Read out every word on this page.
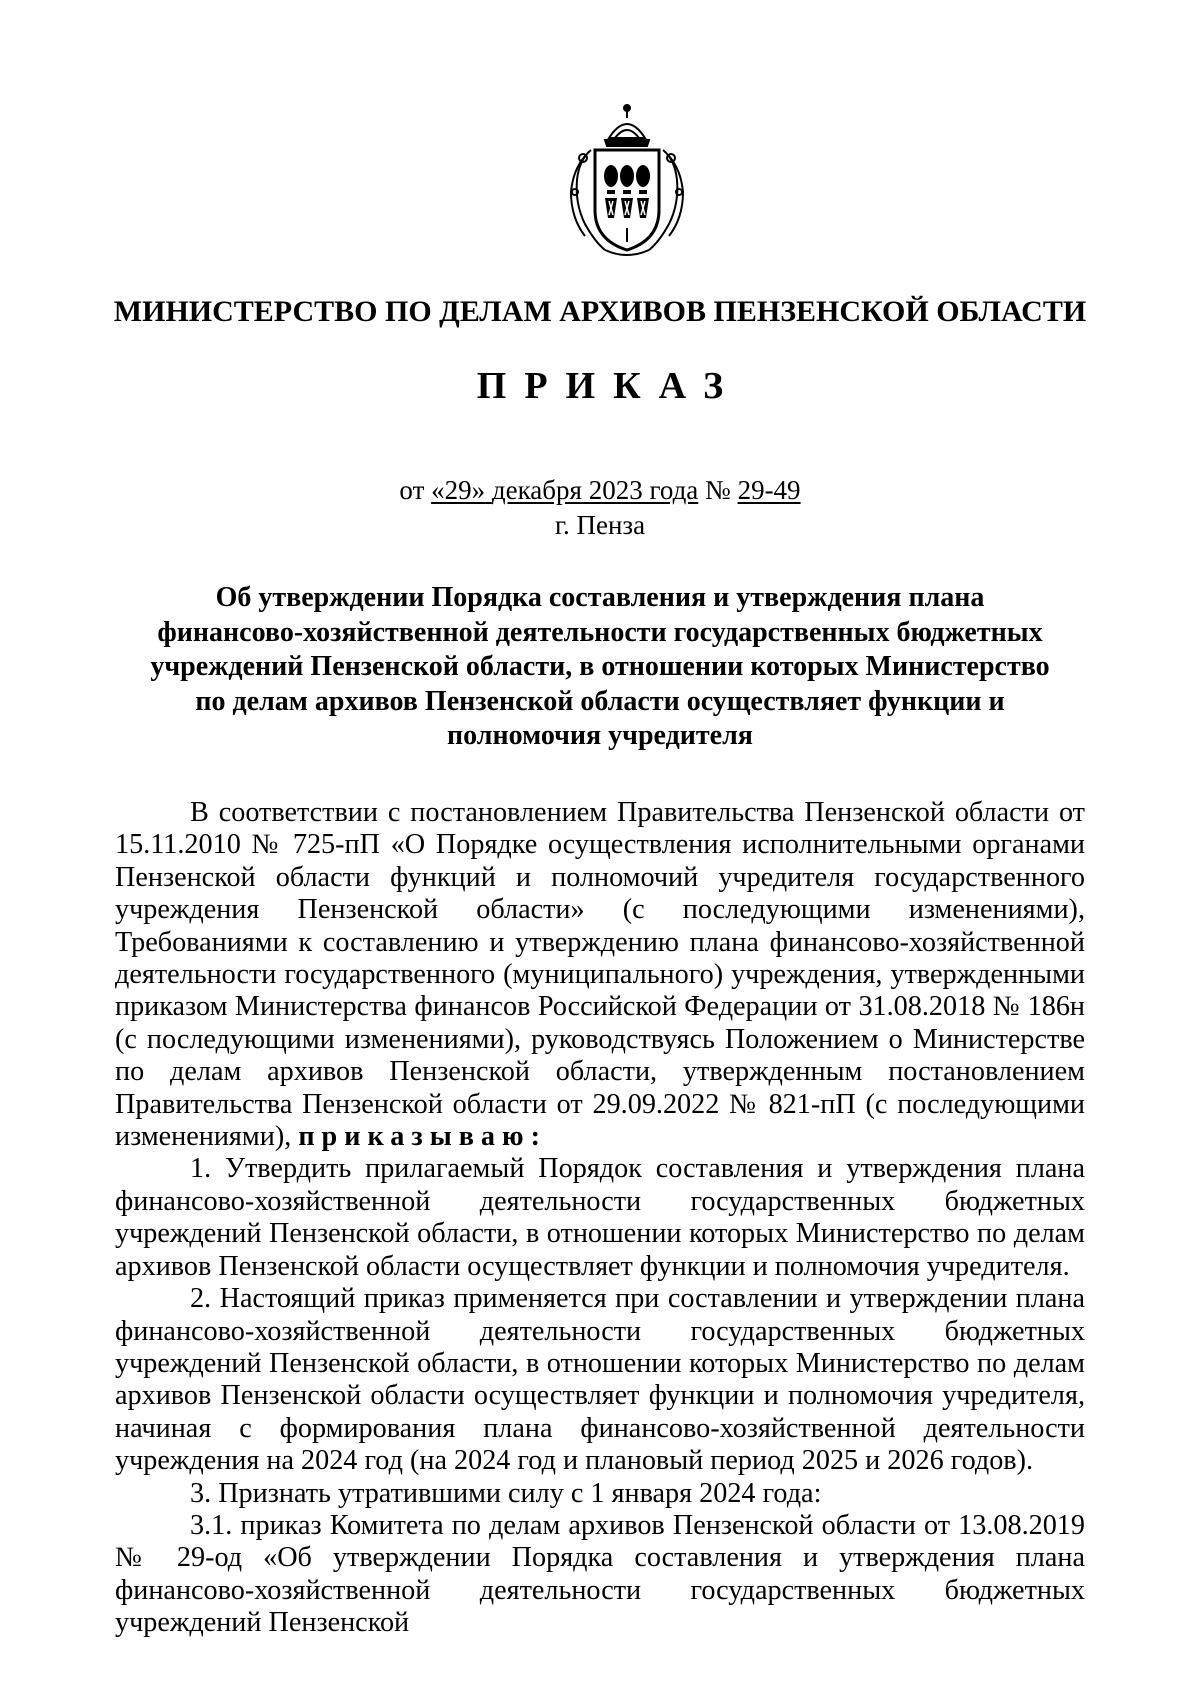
МИНИСТЕРСТВО ПО ДЕЛАМ АРХИВОВ ПЕНЗЕНСКОЙ ОБЛАСТИ
ПРИКАЗ
от «29» декабря 2023 года № 29-49
г. Пенза
Об утверждении Порядка составления и утверждения плана финансово-хозяйственной деятельности государственных бюджетных учреждений Пензенской области, в отношении которых Министерство по делам архивов Пензенской области осуществляет функции и полномочия учредителя

В соответствии с постановлением Правительства Пензенской области от 15.11.2010 № 725-пП «О Порядке осуществления исполнительными органами Пензенской области функций и полномочий учредителя государственного учреждения Пензенской области» (с последующими изменениями), Требованиями к составлению и утверждению плана финансово-хозяйственной деятельности государственного (муниципального) учреждения, утвержденными приказом Министерства финансов Российской Федерации от 31.08.2018 № 186н (с последующими изменениями), руководствуясь Положением о Министерстве по делам архивов Пензенской области, утвержденным постановлением Правительства Пензенской области от 29.09.2022 № 821-пП (с последующими изменениями), приказываю:

1. Утвердить прилагаемый Порядок составления и утверждения плана финансово-хозяйственной деятельности государственных бюджетных учреждений Пензенской области, в отношении которых Министерство по делам архивов Пензенской области осуществляет функции и полномочия учредителя.

2. Настоящий приказ применяется при составлении и утверждении плана финансово-хозяйственной деятельности государственных бюджетных учреждений Пензенской области, в отношении которых Министерство по делам архивов Пензенской области осуществляет функции и полномочия учредителя, начиная с формирования плана финансово-хозяйственной деятельности учреждения на 2024 год (на 2024 год и плановый период 2025 и 2026 годов).

3. Признать утратившими силу с 1 января 2024 года:

3.1. приказ Комитета по делам архивов Пензенской области от 13.08.2019 № 29-од «Об утверждении Порядка составления и утверждения плана финансово-хозяйственной деятельности государственных бюджетных учреждений Пензенской
